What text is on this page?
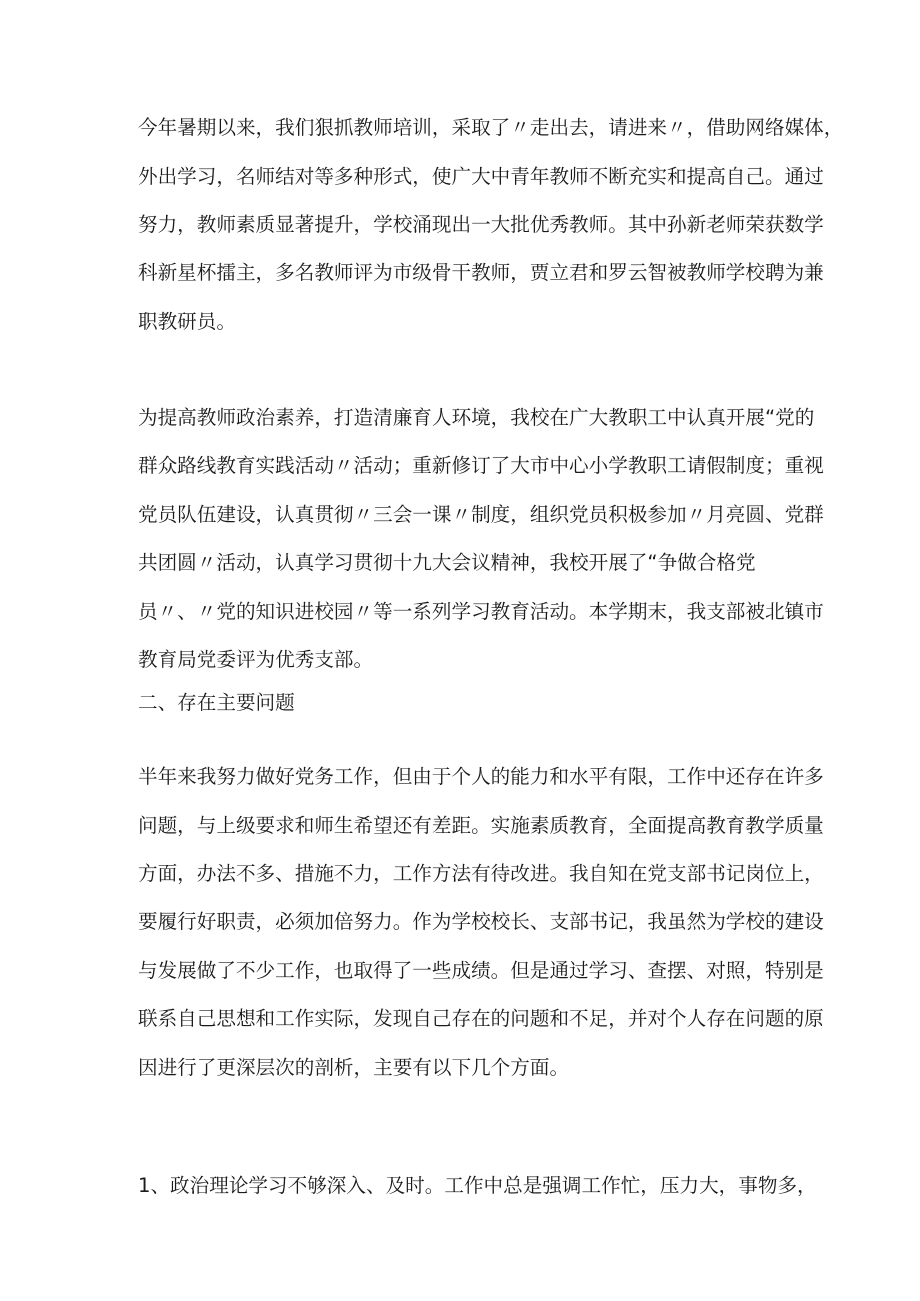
今年暑期以来，我们狠抓教师培训，采取了〃走出去，请进来〃，借助网络媒体，
外出学习，名师结对等多种形式，使广大中青年教师不断充实和提高自己。通过
努力，教师素质显著提升，学校涌现出一大批优秀教师。其中孙新老师荣获数学
科新星杯擂主，多名教师评为市级骨干教师，贾立君和罗云智被教师学校聘为兼
职教研员。
为提高教师政治素养，打造清廉育人环境，我校在广大教职工中认真开展“党的
群众路线教育实践活动〃活动；重新修订了大市中心小学教职工请假制度；重视
党员队伍建设，认真贯彻〃三会一课〃制度，组织党员积极参加〃月亮圆、党群
共团圆〃活动，认真学习贯彻十九大会议精神，我校开展了“争做合格党
员〃、〃党的知识进校园〃等一系列学习教育活动。本学期末，我支部被北镇市
教育局党委评为优秀支部。
二、存在主要问题
半年来我努力做好党务工作，但由于个人的能力和水平有限，工作中还存在许多
问题，与上级要求和师生希望还有差距。实施素质教育，全面提高教育教学质量
方面，办法不多、措施不力，工作方法有待改进。我自知在党支部书记岗位上，
要履行好职责，必须加倍努力。作为学校校长、支部书记，我虽然为学校的建设
与发展做了不少工作，也取得了一些成绩。但是通过学习、查摆、对照，特别是
联系自己思想和工作实际，发现自己存在的问题和不足，并对个人存在问题的原
因进行了更深层次的剖析，主要有以下几个方面。
1、政治理论学习不够深入、及时。工作中总是强调工作忙，压力大，事物多，
